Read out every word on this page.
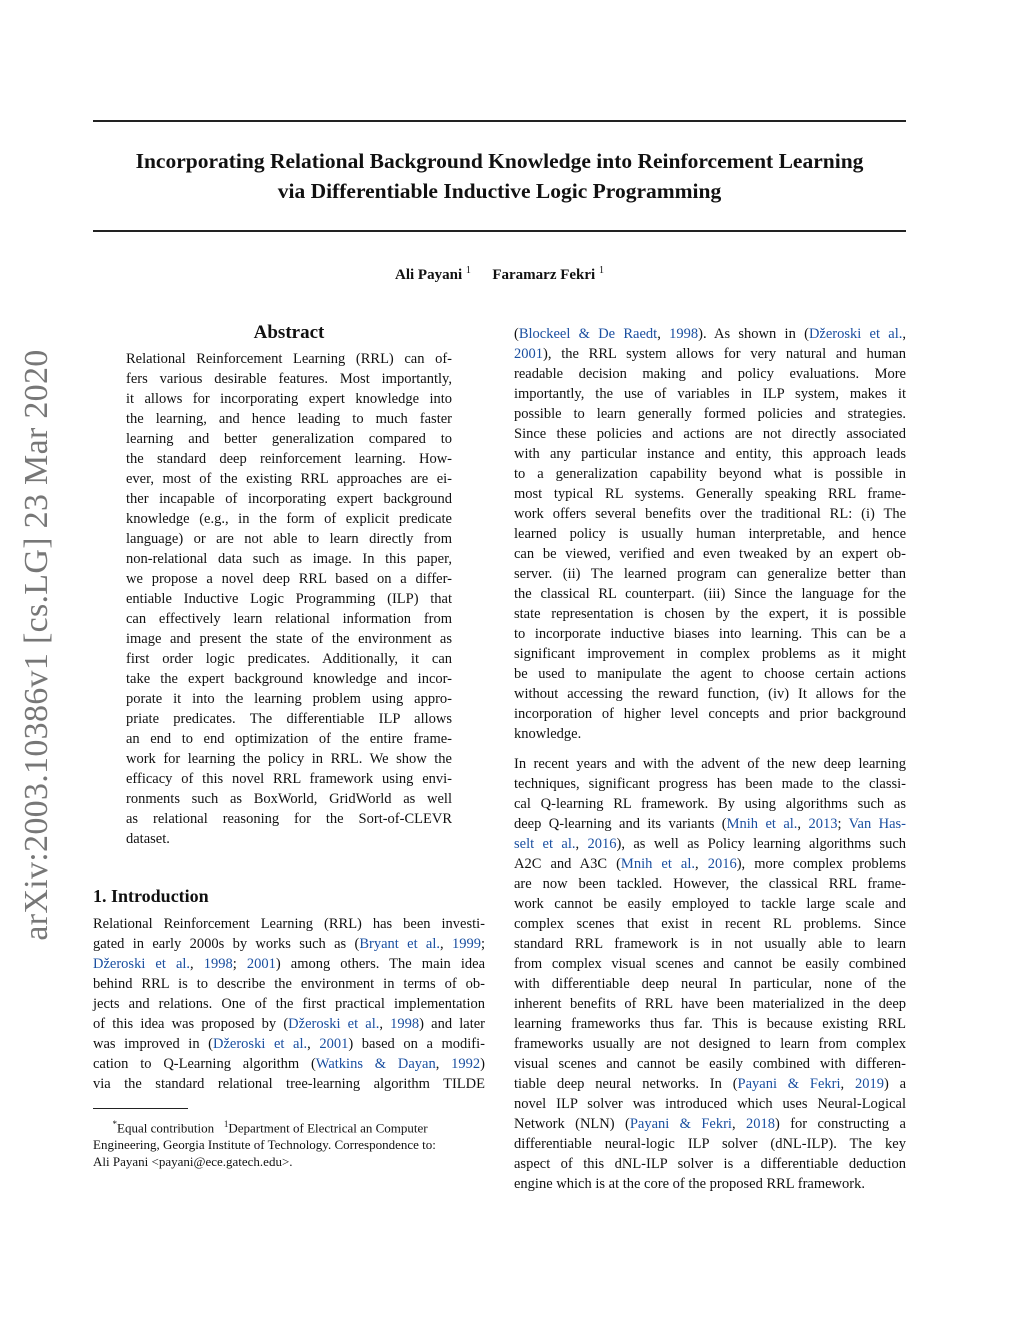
Incorporating Relational Background Knowledge into Reinforcement Learning
via Differentiable Inductive Logic Programming
Ali Payani $^1$ Faramarz Fekri $^1$
arXiv:2003.10386v1 [cs.LG] 23 Mar 2020
Abstract
Relational Reinforcement Learning (RRL) can of-
fers various desirable features. Most importantly,
it allows for incorporating expert knowledge into
the learning, and hence leading to much faster
learning and better generalization compared to
the standard deep reinforcement learning. How-
ever, most of the existing RRL approaches are ei-
ther incapable of incorporating expert background
knowledge (e.g., in the form of explicit predicate
language) or are not able to learn directly from
non-relational data such as image. In this paper,
we propose a novel deep RRL based on a differ-
entiable Inductive Logic Programming (ILP) that
can effectively learn relational information from
image and present the state of the environment as
first order logic predicates. Additionally, it can
take the expert background knowledge and incor-
porate it into the learning problem using appro-
priate predicates. The differentiable ILP allows
an end to end optimization of the entire frame-
work for learning the policy in RRL. We show the
efficacy of this novel RRL framework using envi-
ronments such as BoxWorld, GridWorld as well
as relational reasoning for the Sort-of-CLEVR
dataset.
1. Introduction
Relational Reinforcement Learning (RRL) has been investi-
gated in early 2000s by works such as (Bryant et al., 1999;
Džeroski et al., 1998; 2001) among others. The main idea
behind RRL is to describe the environment in terms of ob-
jects and relations. One of the first practical implementation
of this idea was proposed by (Džeroski et al., 1998) and later
was improved in (Džeroski et al., 2001) based on a modifi-
cation to Q-Learning algorithm (Watkins & Dayan, 1992)
via the standard relational tree-learning algorithm TILDE
*Equal contribution $^1$Department of Electrical an Computer
Engineering, Georgia Institute of Technology. Correspondence to:
Ali Payani <payani@ece.gatech.edu>.
(Blockeel & De Raedt, 1998). As shown in (Džeroski et al.,
2001), the RRL system allows for very natural and human
readable decision making and policy evaluations. More
importantly, the use of variables in ILP system, makes it
possible to learn generally formed policies and strategies.
Since these policies and actions are not directly associated
with any particular instance and entity, this approach leads
to a generalization capability beyond what is possible in
most typical RL systems. Generally speaking RRL frame-
work offers several benefits over the traditional RL: (i) The
learned policy is usually human interpretable, and hence
can be viewed, verified and even tweaked by an expert ob-
server. (ii) The learned program can generalize better than
the classical RL counterpart. (iii) Since the language for the
state representation is chosen by the expert, it is possible
to incorporate inductive biases into learning. This can be a
significant improvement in complex problems as it might
be used to manipulate the agent to choose certain actions
without accessing the reward function, (iv) It allows for the
incorporation of higher level concepts and prior background
knowledge.
In recent years and with the advent of the new deep learning
techniques, significant progress has been made to the classi-
cal Q-learning RL framework. By using algorithms such as
deep Q-learning and its variants (Mnih et al., 2013; Van Has-
selt et al., 2016), as well as Policy learning algorithms such
A2C and A3C (Mnih et al., 2016), more complex problems
are now been tackled. However, the classical RRL frame-
work cannot be easily employed to tackle large scale and
complex scenes that exist in recent RL problems. Since
standard RRL framework is in not usually able to learn
from complex visual scenes and cannot be easily combined
with differentiable deep neural In particular, none of the
inherent benefits of RRL have been materialized in the deep
learning frameworks thus far. This is because existing RRL
frameworks usually are not designed to learn from complex
visual scenes and cannot be easily combined with differen-
tiable deep neural networks. In (Payani & Fekri, 2019) a
novel ILP solver was introduced which uses Neural-Logical
Network (NLN) (Payani & Fekri, 2018) for constructing a
differentiable neural-logic ILP solver (dNL-ILP). The key
aspect of this dNL-ILP solver is a differentiable deduction
engine which is at the core of the proposed RRL framework.
